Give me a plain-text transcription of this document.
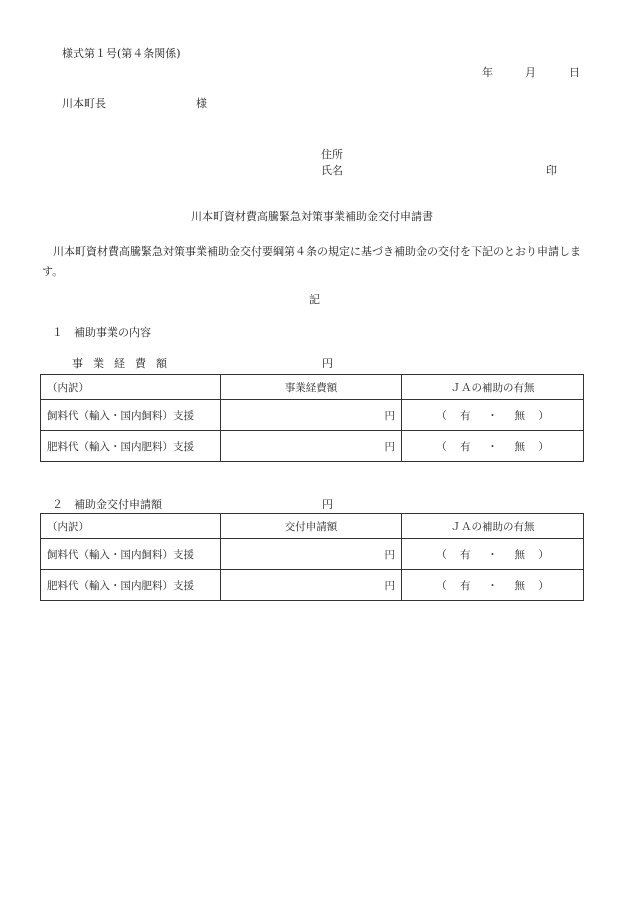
様式第１号(第４条関係)
年	月	日
川本町長	様
住所
氏名	印
川本町資材費高騰緊急対策事業補助金交付申請書
川本町資材費高騰緊急対策事業補助金交付要綱第４条の規定に基づき補助金の交付を下記のとおり申請します。
記
１　補助事業の内容
事業経費額	円
（内訳）	事業経費額	ＪＡの補助の有無
飼料代（輸入・国内飼料）支援	円	（ 有 ・ 無 ）
肥料代（輸入・国内肥料）支援	円	（ 有 ・ 無 ）
２　補助金交付申請額	円
（内訳）	交付申請額	ＪＡの補助の有無
飼料代（輸入・国内飼料）支援	円	（ 有 ・ 無 ）
肥料代（輸入・国内肥料）支援	円	（ 有 ・ 無 ）
